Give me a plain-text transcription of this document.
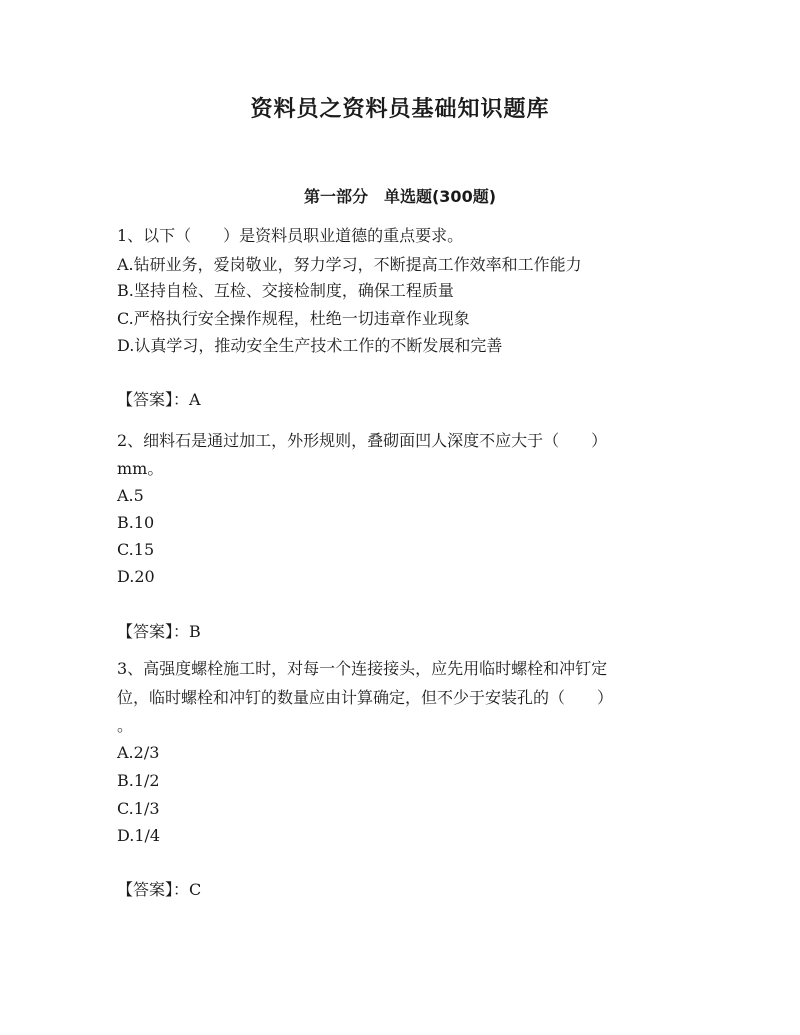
资料员之资料员基础知识题库
第一部分　单选题(300题)
1、以下（　　）是资料员职业道德的重点要求。
A.钻研业务，爱岗敬业，努力学习，不断提高工作效率和工作能力
B.坚持自检、互检、交接检制度，确保工程质量
C.严格执行安全操作规程，杜绝一切违章作业现象
D.认真学习，推动安全生产技术工作的不断发展和完善
【答案】：A
2、细料石是通过加工，外形规则，叠砌面凹人深度不应大于（　　）
mm。
A.5
B.10
C.15
D.20
【答案】：B
3、高强度螺栓施工时，对每一个连接接头，应先用临时螺栓和冲钉定
位，临时螺栓和冲钉的数量应由计算确定，但不少于安装孔的（　　）
。
A.2/3
B.1/2
C.1/3
D.1/4
【答案】：C
